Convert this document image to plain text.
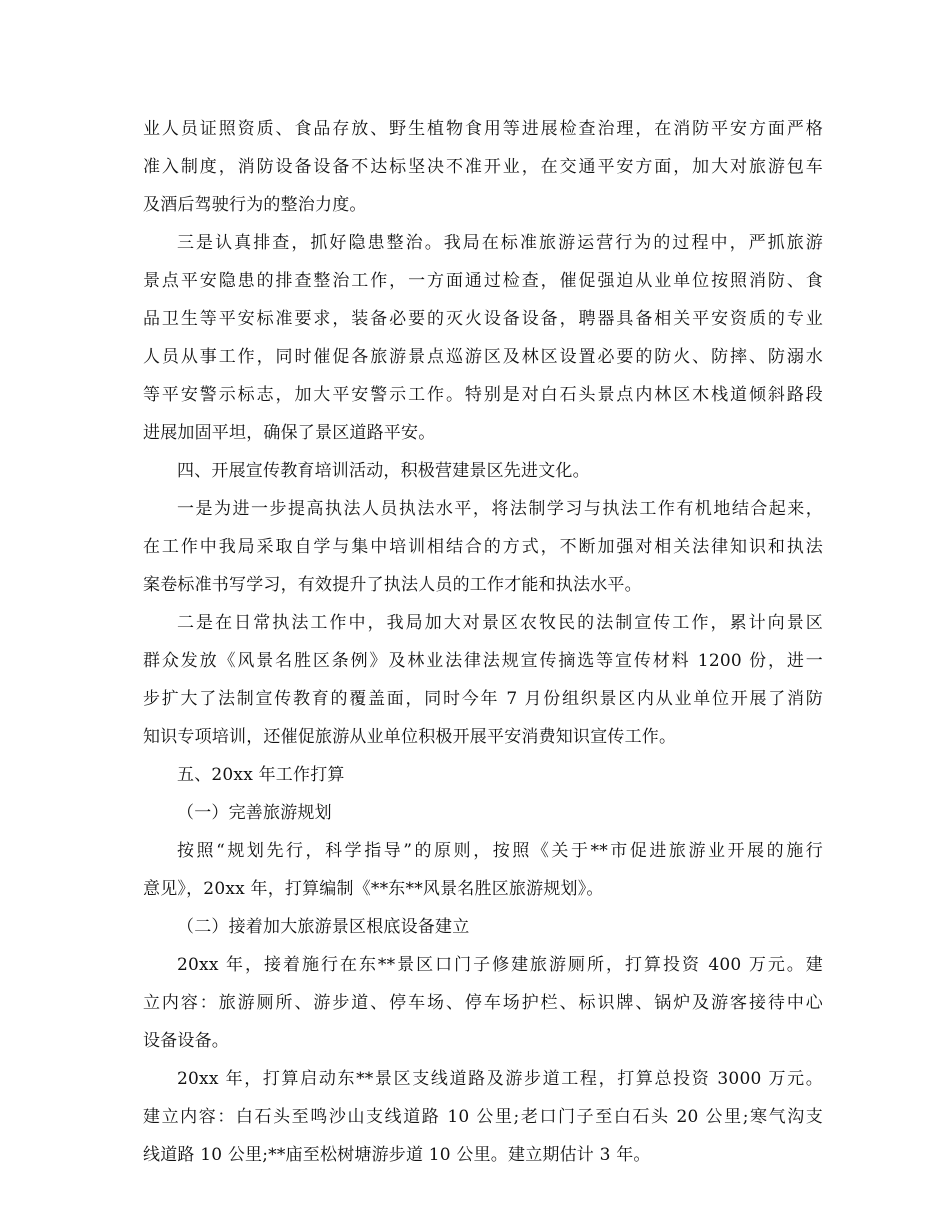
业人员证照资质、食品存放、野生植物食用等进展检查治理，在消防平安方面严格
准入制度，消防设备设备不达标坚决不准开业，在交通平安方面，加大对旅游包车
及酒后驾驶行为的整治力度。
三是认真排查，抓好隐患整治。我局在标准旅游运营行为的过程中，严抓旅游
景点平安隐患的排查整治工作，一方面通过检查，催促强迫从业单位按照消防、食
品卫生等平安标准要求，装备必要的灭火设备设备，聘器具备相关平安资质的专业
人员从事工作，同时催促各旅游景点巡游区及林区设置必要的防火、防摔、防溺水
等平安警示标志，加大平安警示工作。特别是对白石头景点内林区木栈道倾斜路段
进展加固平坦，确保了景区道路平安。
四、开展宣传教育培训活动，积极营建景区先进文化。
一是为进一步提高执法人员执法水平，将法制学习与执法工作有机地结合起来，
在工作中我局采取自学与集中培训相结合的方式，不断加强对相关法律知识和执法
案卷标准书写学习，有效提升了执法人员的工作才能和执法水平。
二是在日常执法工作中，我局加大对景区农牧民的法制宣传工作，累计向景区
群众发放《风景名胜区条例》及林业法律法规宣传摘选等宣传材料 1200 份，进一
步扩大了法制宣传教育的覆盖面，同时今年 7 月份组织景区内从业单位开展了消防
知识专项培训，还催促旅游从业单位积极开展平安消费知识宣传工作。
五、20xx 年工作打算
（一）完善旅游规划
按照“规划先行，科学指导”的原则，按照《关于**市促进旅游业开展的施行
意见》，20xx 年，打算编制《**东**风景名胜区旅游规划》。
（二）接着加大旅游景区根底设备建立
20xx 年，接着施行在东**景区口门子修建旅游厕所，打算投资 400 万元。建
立内容：旅游厕所、游步道、停车场、停车场护栏、标识牌、锅炉及游客接待中心
设备设备。
20xx 年，打算启动东**景区支线道路及游步道工程，打算总投资 3000 万元。
建立内容：白石头至鸣沙山支线道路 10 公里;老口门子至白石头 20 公里;寒气沟支
线道路 10 公里;**庙至松树塘游步道 10 公里。建立期估计 3 年。
